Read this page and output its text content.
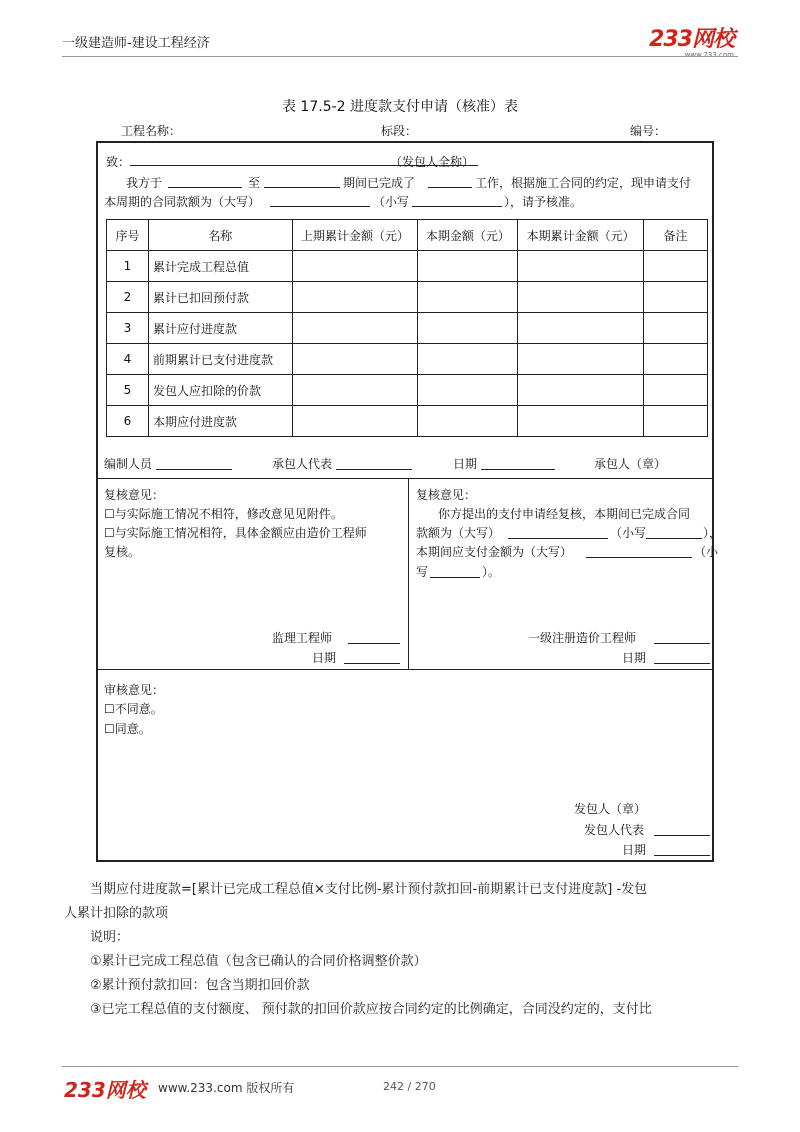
一级建造师-建设工程经济	233网校
www.233.com
表 17.5-2 进度款支付申请（核准）表
工程名称：	标段：	编号：
致：	（发包人全称）
我方于	至	期间已完成了	工作，根据施工合同的约定，现申请支付
本周期的合同款额为（大写）	（小写	），请予核准。
序号	名称	上期累计金额（元）	本期金额（元）	本期累计金额（元）	备注
1	累计完成工程总值				
2	累计已扣回预付款				
3	累计应付进度款				
4	前期累计已支付进度款				
5	发包人应扣除的价款				
6	本期应付进度款				
编制人员	承包人代表	日期	承包人（章）
复核意见：
☐与实际施工情况不相符，修改意见见附件。
☐与实际施工情况相符，具体金额应由造价工程师
复核。
监理工程师
日期
复核意见：
你方提出的支付申请经复核，本期间已完成合同
款额为（大写）	（小写	），
本期间应支付金额为（大写）	（小
写	）。
一级注册造价工程师
日期
审核意见：
☐不同意。
☐同意。
发包人（章）
发包人代表
日期
当期应付进度款=[累计已完成工程总值×支付比例-累计预付款扣回-前期累计已支付进度款] -发包
人累计扣除的款项
说明：
①累计已完成工程总值（包含已确认的合同价格调整价款）
②累计预付款扣回：包含当期扣回价款
③已完工程总值的支付额度、 预付款的扣回价款应按合同约定的比例确定，合同没约定的，支付比
233网校 www.233.com 版权所有	242 / 270
